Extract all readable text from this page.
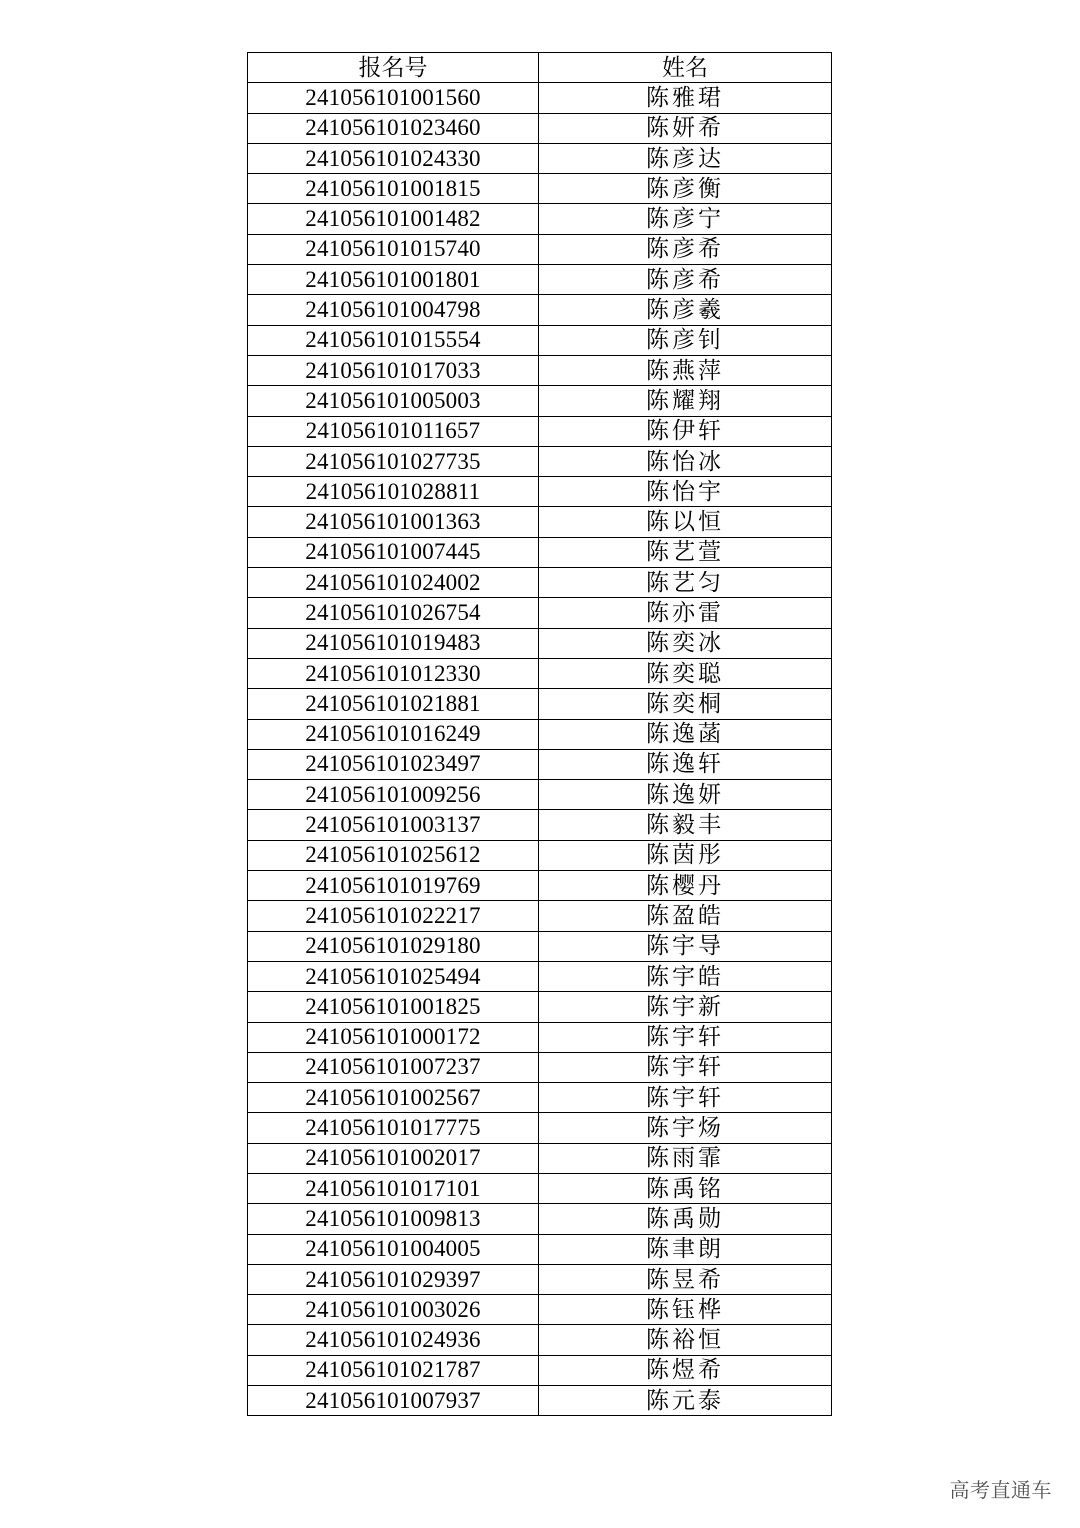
报名号	姓名
241056101001560	陈雅珺
241056101023460	陈妍希
241056101024330	陈彦达
241056101001815	陈彦衡
241056101001482	陈彦宁
241056101015740	陈彦希
241056101001801	陈彦希
241056101004798	陈彦羲
241056101015554	陈彦钊
241056101017033	陈燕萍
241056101005003	陈耀翔
241056101011657	陈伊轩
241056101027735	陈怡冰
241056101028811	陈怡宇
241056101001363	陈以恒
241056101007445	陈艺萱
241056101024002	陈艺匀
241056101026754	陈亦雷
241056101019483	陈奕冰
241056101012330	陈奕聪
241056101021881	陈奕桐
241056101016249	陈逸菡
241056101023497	陈逸轩
241056101009256	陈逸妍
241056101003137	陈毅丰
241056101025612	陈茵彤
241056101019769	陈樱丹
241056101022217	陈盈皓
241056101029180	陈宇导
241056101025494	陈宇皓
241056101001825	陈宇新
241056101000172	陈宇轩
241056101007237	陈宇轩
241056101002567	陈宇轩
241056101017775	陈宇炀
241056101002017	陈雨霏
241056101017101	陈禹铭
241056101009813	陈禹勋
241056101004005	陈聿朗
241056101029397	陈昱希
241056101003026	陈钰桦
241056101024936	陈裕恒
241056101021787	陈煜希
241056101007937	陈元泰
高考直通车
